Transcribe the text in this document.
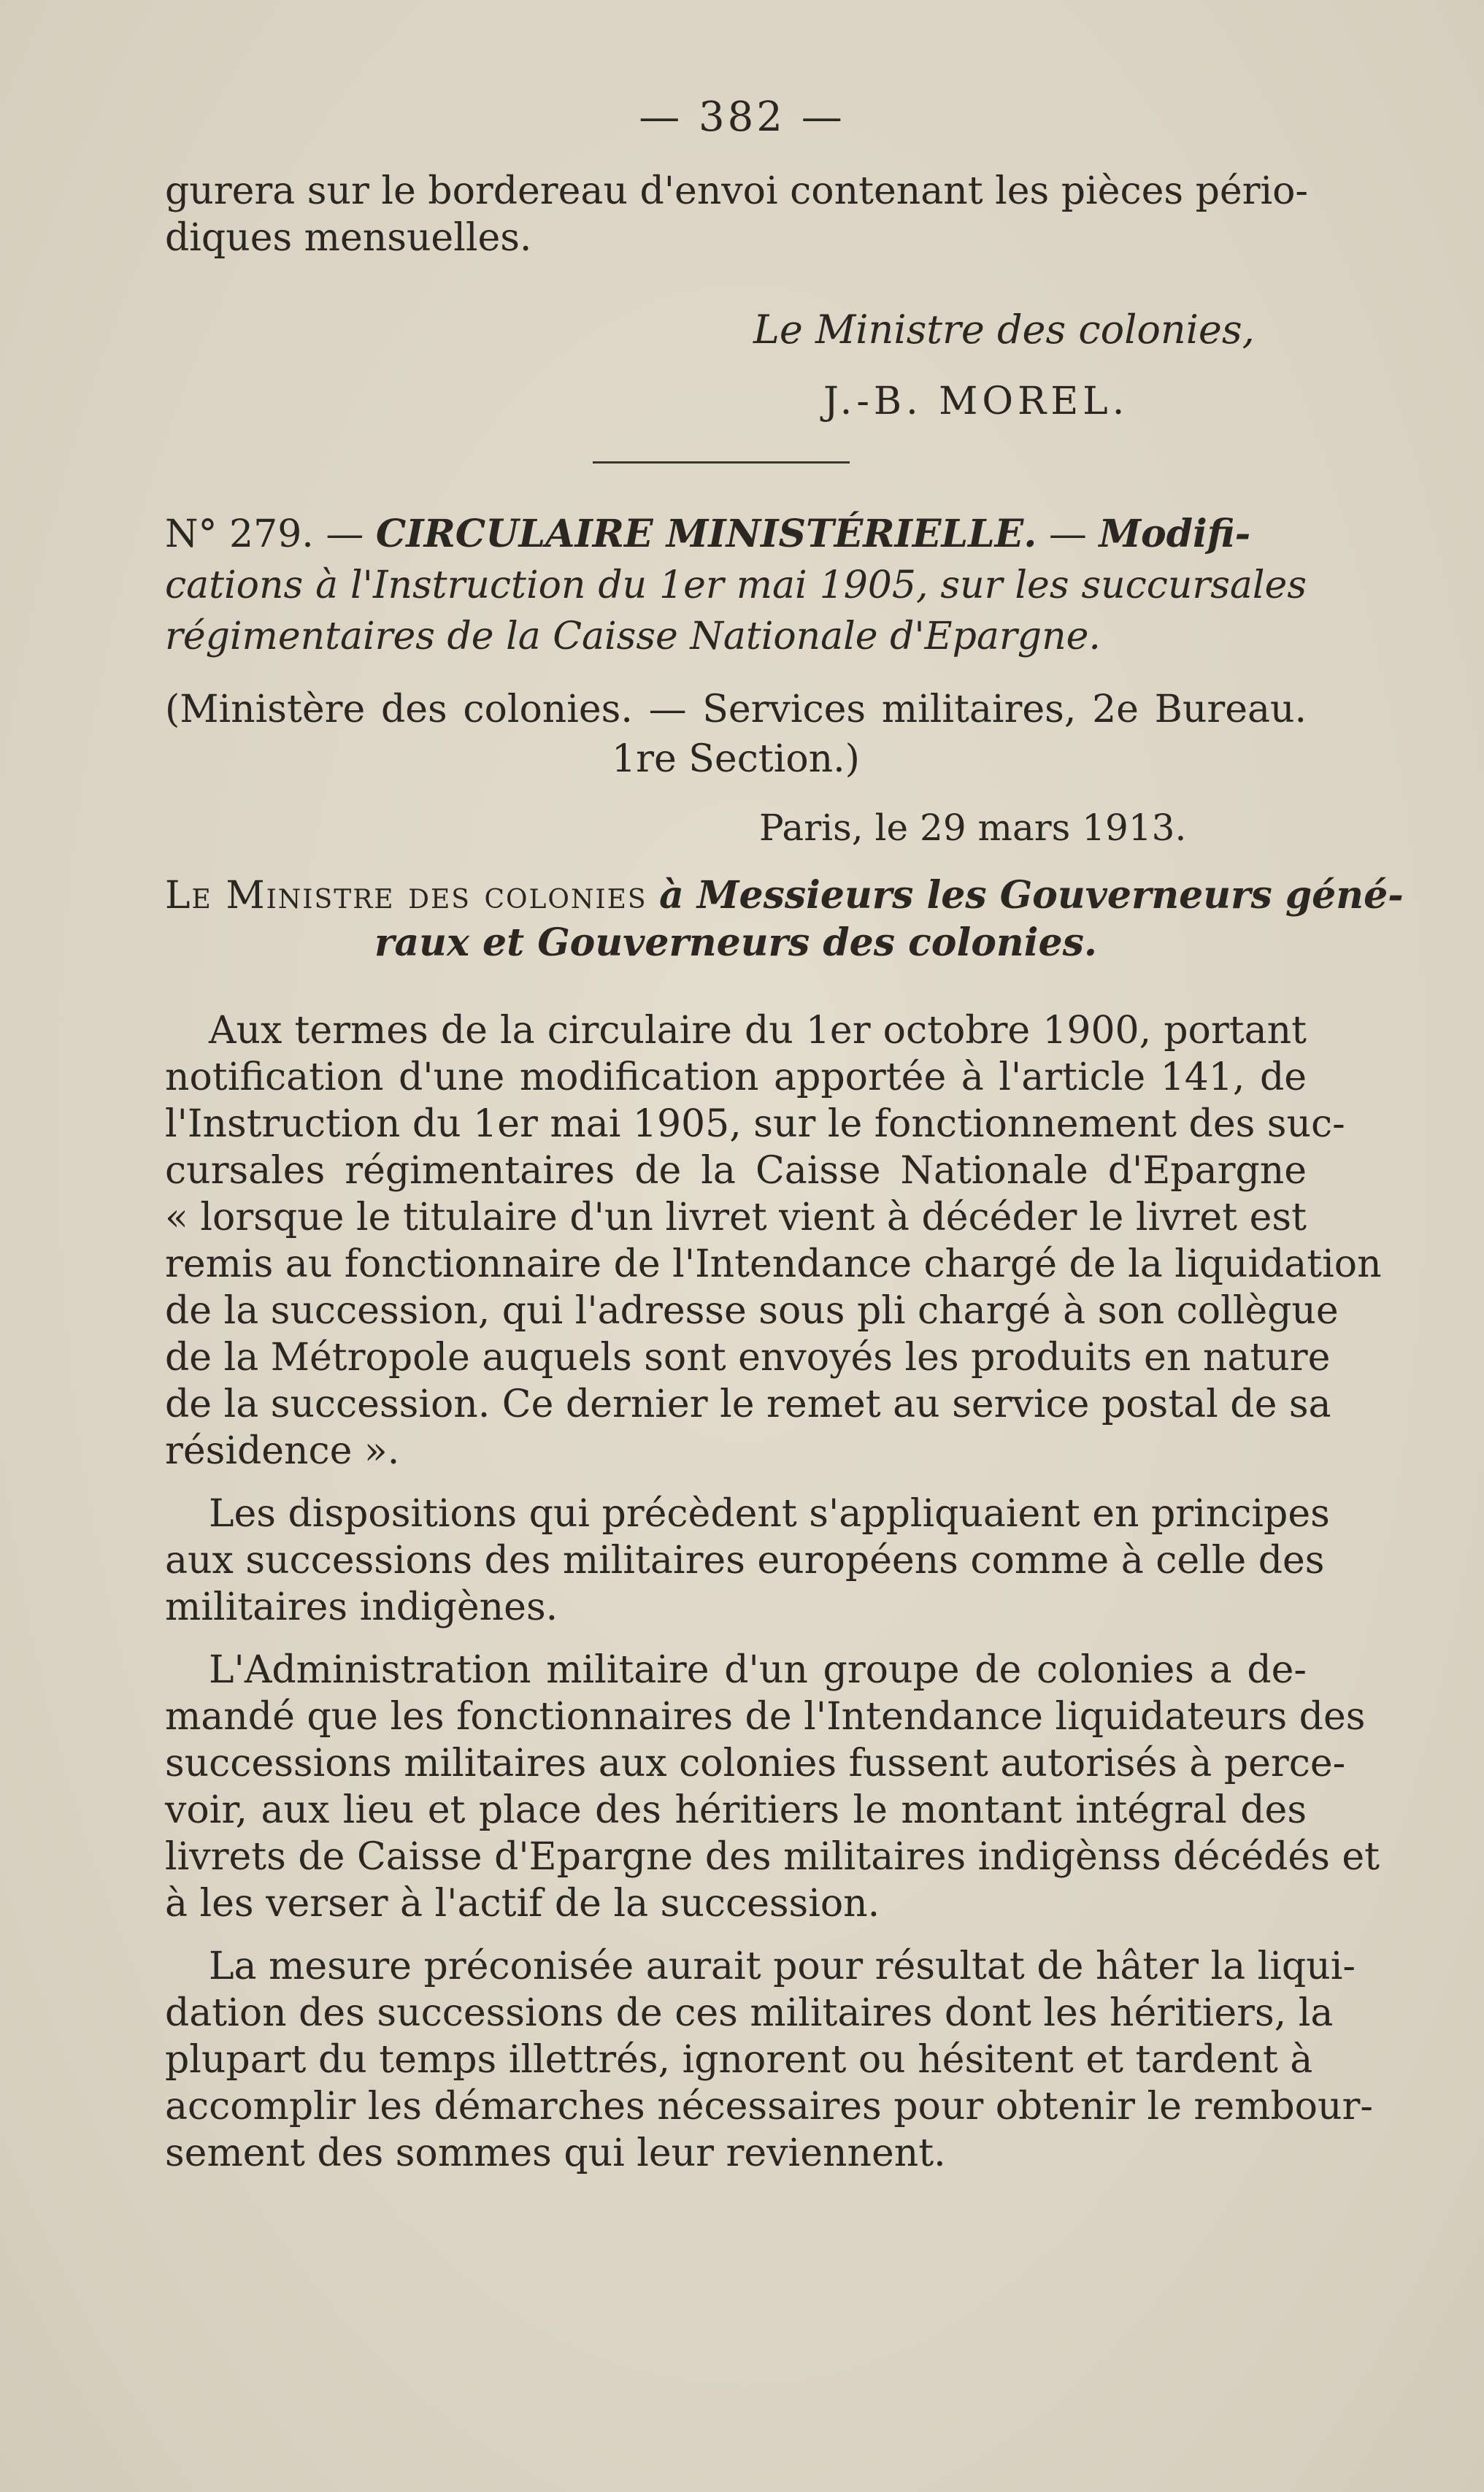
— 382 —
gurera sur le bordereau d'envoi contenant les pièces pério-
diques mensuelles.
Le Ministre des colonies,
J.-B. MOREL.
N° 279. — CIRCULAIRE MINISTÉRIELLE. — Modifi-
cations à l'Instruction du 1er mai 1905, sur les succursales
régimentaires de la Caisse Nationale d'Epargne.
(Ministère des colonies. — Services militaires, 2e Bureau.
1re Section.)
Paris, le 29 mars 1913.
Le Ministre des colonies à Messieurs les Gouverneurs géné-
raux et Gouverneurs des colonies.
Aux termes de la circulaire du 1er octobre 1900, portant
notification d'une modification apportée à l'article 141, de
l'Instruction du 1er mai 1905, sur le fonctionnement des suc-
cursales régimentaires de la Caisse Nationale d'Epargne
« lorsque le titulaire d'un livret vient à décéder le livret est
remis au fonctionnaire de l'Intendance chargé de la liquidation
de la succession, qui l'adresse sous pli chargé à son collègue
de la Métropole auquels sont envoyés les produits en nature
de la succession. Ce dernier le remet au service postal de sa
résidence ».
Les dispositions qui précèdent s'appliquaient en principes
aux successions des militaires européens comme à celle des
militaires indigènes.
L'Administration militaire d'un groupe de colonies a de-
mandé que les fonctionnaires de l'Intendance liquidateurs des
successions militaires aux colonies fussent autorisés à perce-
voir, aux lieu et place des héritiers le montant intégral des
livrets de Caisse d'Epargne des militaires indigènss décédés et
à les verser à l'actif de la succession.
La mesure préconisée aurait pour résultat de hâter la liqui-
dation des successions de ces militaires dont les héritiers, la
plupart du temps illettrés, ignorent ou hésitent et tardent à
accomplir les démarches nécessaires pour obtenir le rembour-
sement des sommes qui leur reviennent.
